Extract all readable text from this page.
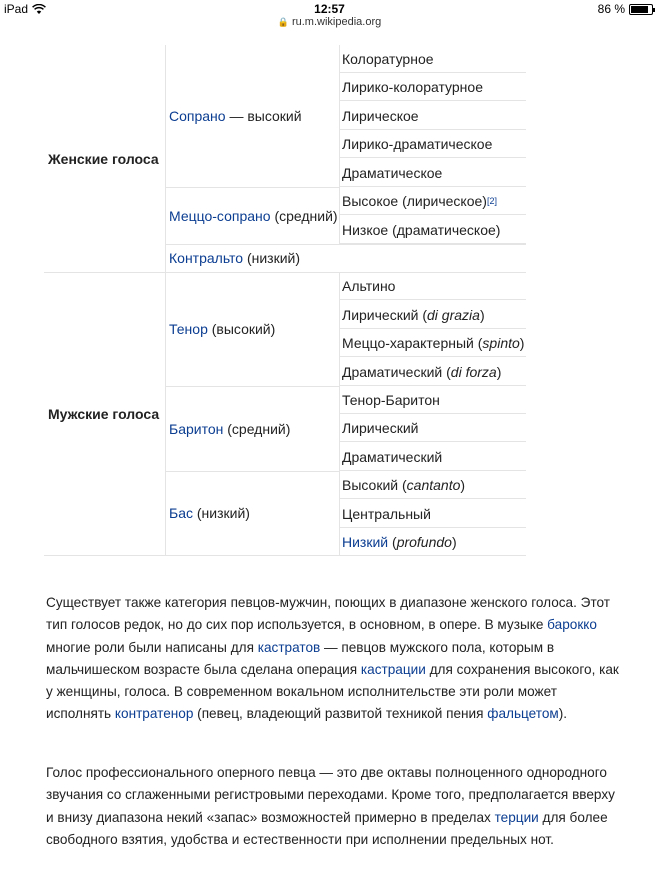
iPad	12:57	86 %
🔒 ru.m.wikipedia.org
Женские голоса
Мужские голоса
Сопрано — высокий
Меццо-сопрано (средний)
Контральто (низкий)
Тенор (высокий)
Баритон (средний)
Бас (низкий)
Колоратурное
Лирико-колоратурное
Лирическое
Лирико-драматическое
Драматическое
Высокое (лирическое) [2]
Низкое (драматическое)
Альтино
Лирический ( di grazia )
Меццо-характерный ( spinto )
Драматический ( di forza )
Тенор-Баритон
Лирический
Драматический
Высокий ( cantanto )
Центральный
Низкий ( profundo )

Существует также категория певцов-мужчин, поющих в диапазоне женского голоса. Этот тип голосов редок, но до сих пор используется, в основном, в опере. В музыке барокко многие роли были написаны для кастратов — певцов мужского пола, которым в мальчишеском возрасте была сделана операция кастрации для сохранения высокого, как у женщины, голоса. В современном вокальном исполнительстве эти роли может исполнять контратенор (певец, владеющий развитой техникой пения фальцетом).

Голос профессионального оперного певца — это две октавы полноценного однородного звучания со сглаженными регистровыми переходами. Кроме того, предполагается вверху и внизу диапазона некий «запас» возможностей примерно в пределах терции для более свободного взятия, удобства и естественности при исполнении предельных нот.
